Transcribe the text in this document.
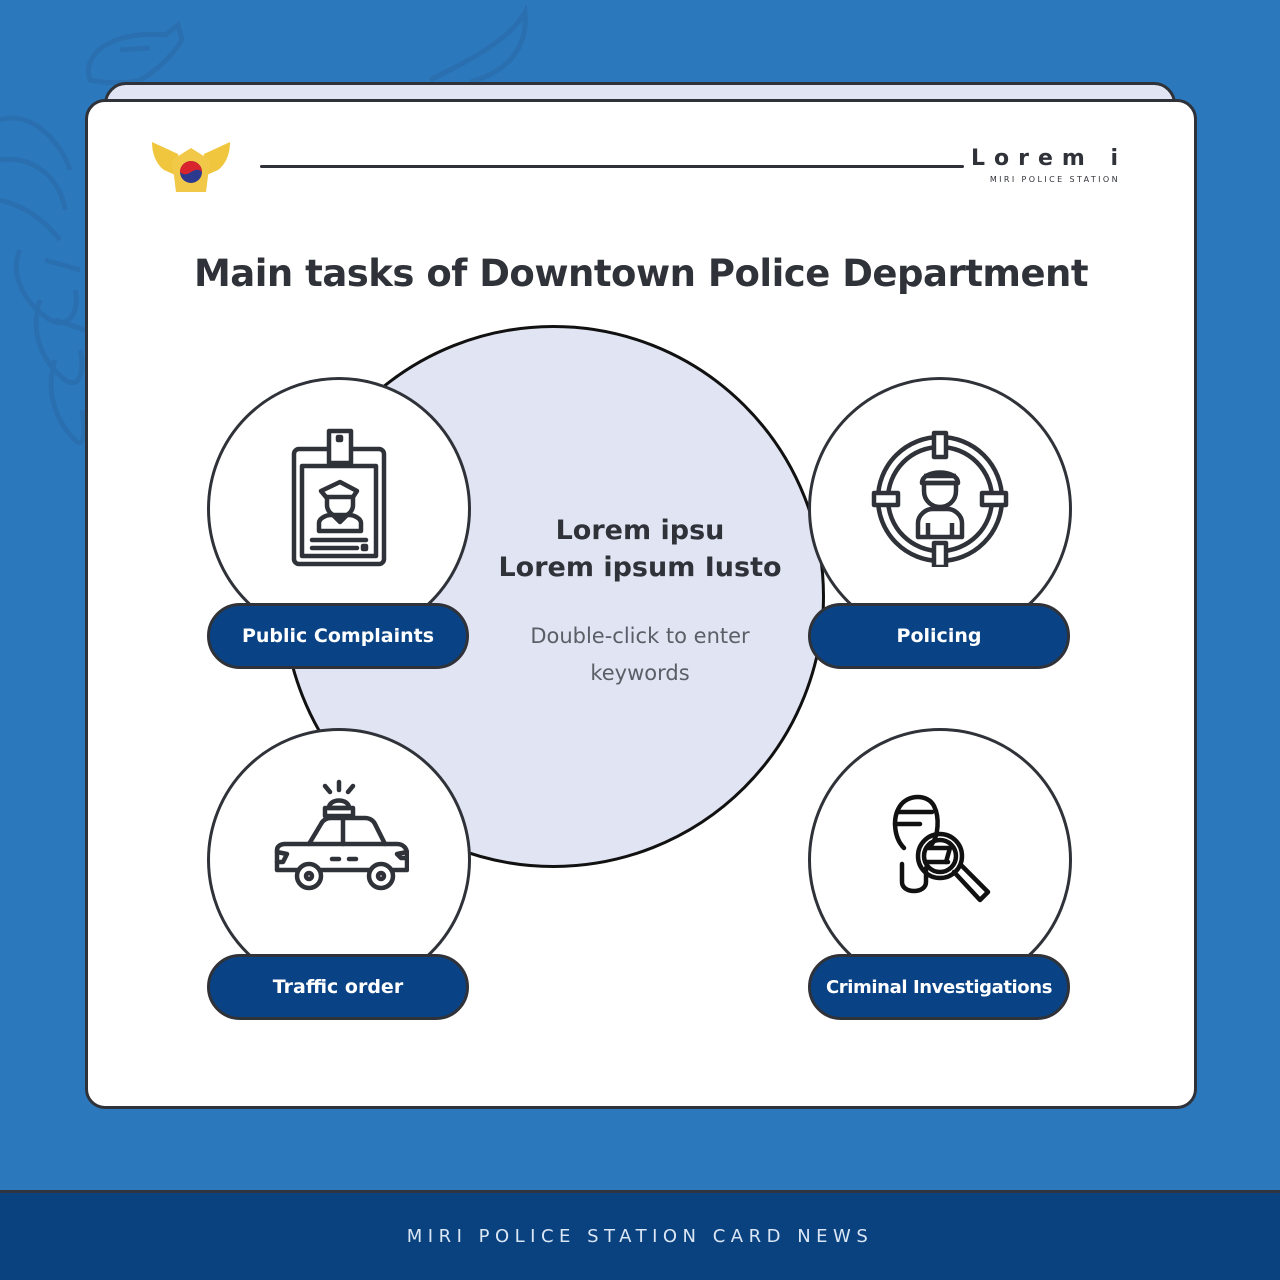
Lorem i
MIRI POLICE STATION
Main tasks of Downtown Police Department
Lorem ipsu
Lorem ipsum Iusto
Double-click to enter
keywords
Public Complaints	Policing
Traffic order	Criminal Investigations
MIRI POLICE STATION CARD NEWS
